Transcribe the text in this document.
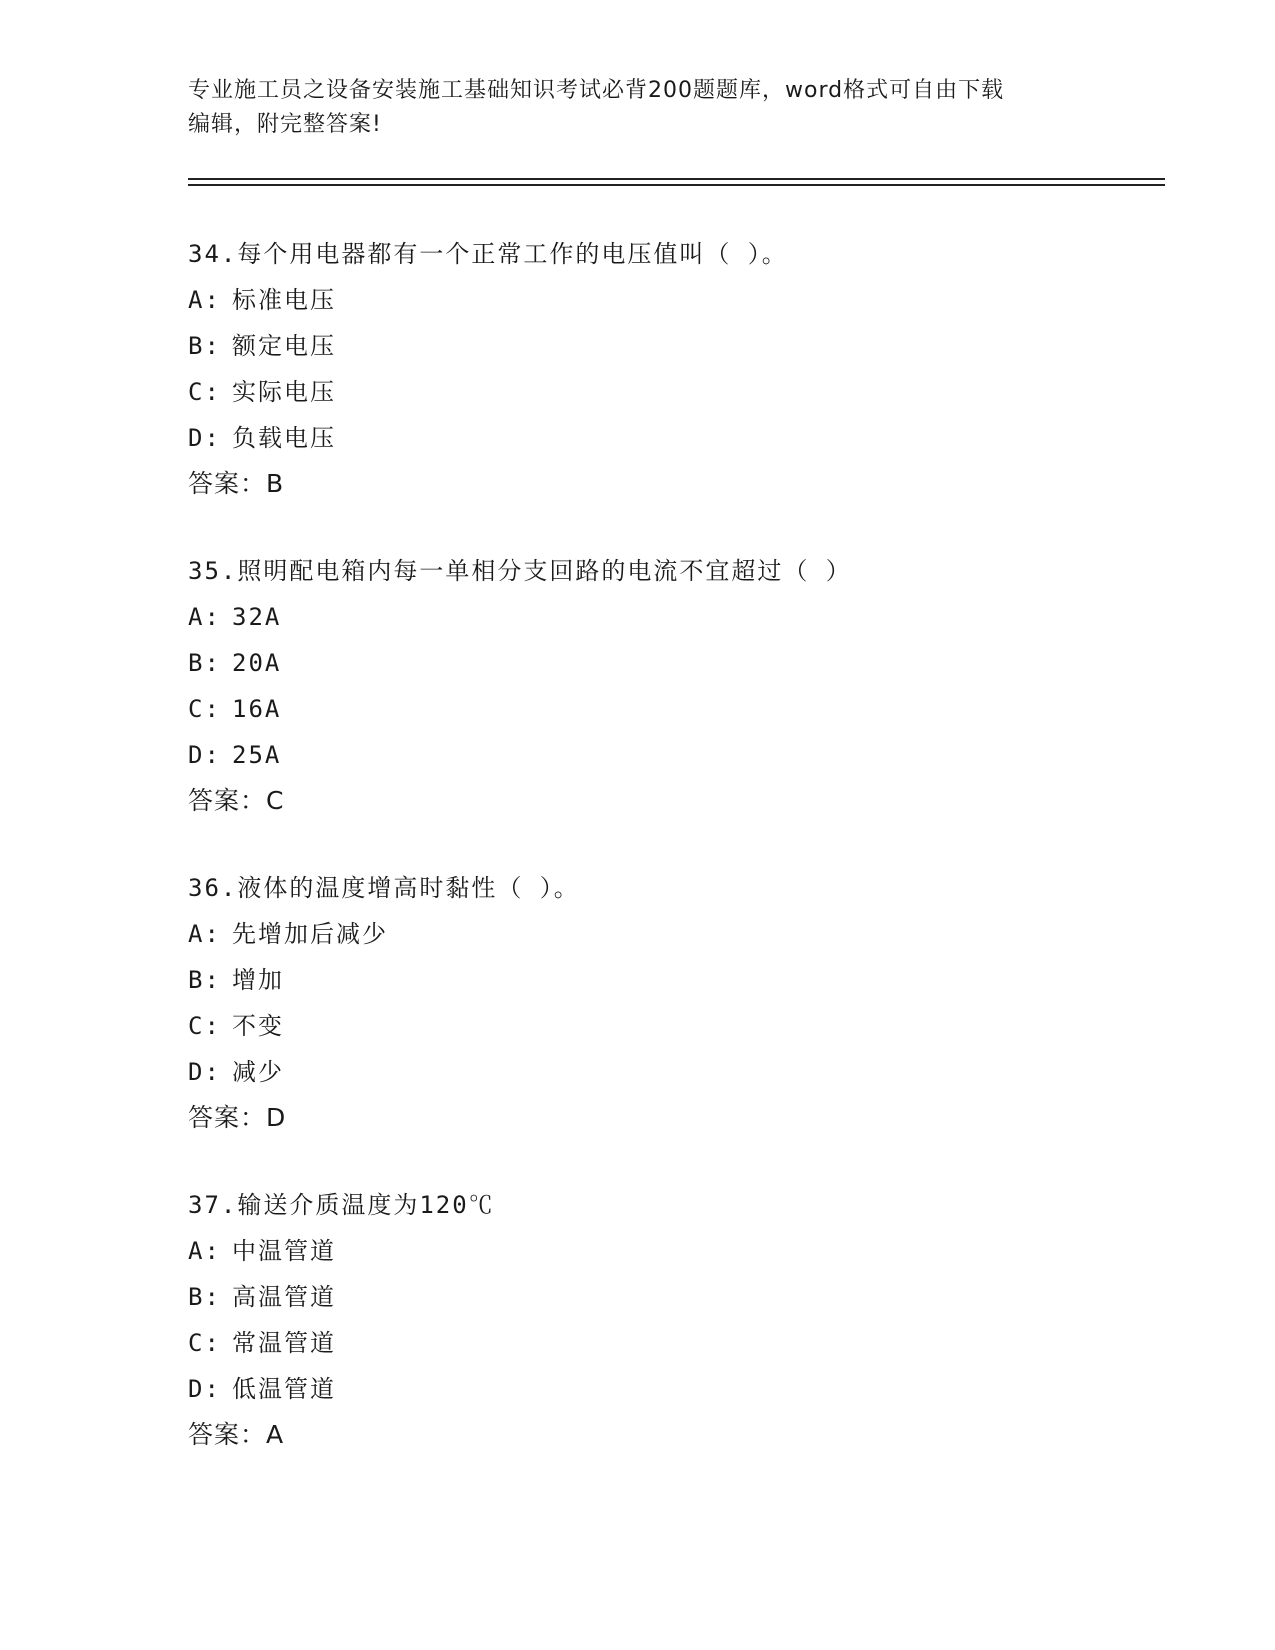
专业施工员之设备安装施工基础知识考试必背200题题库，word格式可自由下载
编辑，附完整答案!
34.每个用电器都有一个正常工作的电压值叫（ ）。
A: 标准电压
B: 额定电压
C: 实际电压
D: 负载电压
答案：B
35.照明配电箱内每一单相分支回路的电流不宜超过（ ）
A: 32A
B: 20A
C: 16A
D: 25A
答案：C
36.液体的温度增高时黏性（ ）。
A: 先增加后减少
B: 增加
C: 不变
D: 减少
答案：D
37.输送介质温度为120℃
A: 中温管道
B: 高温管道
C: 常温管道
D: 低温管道
答案：A
